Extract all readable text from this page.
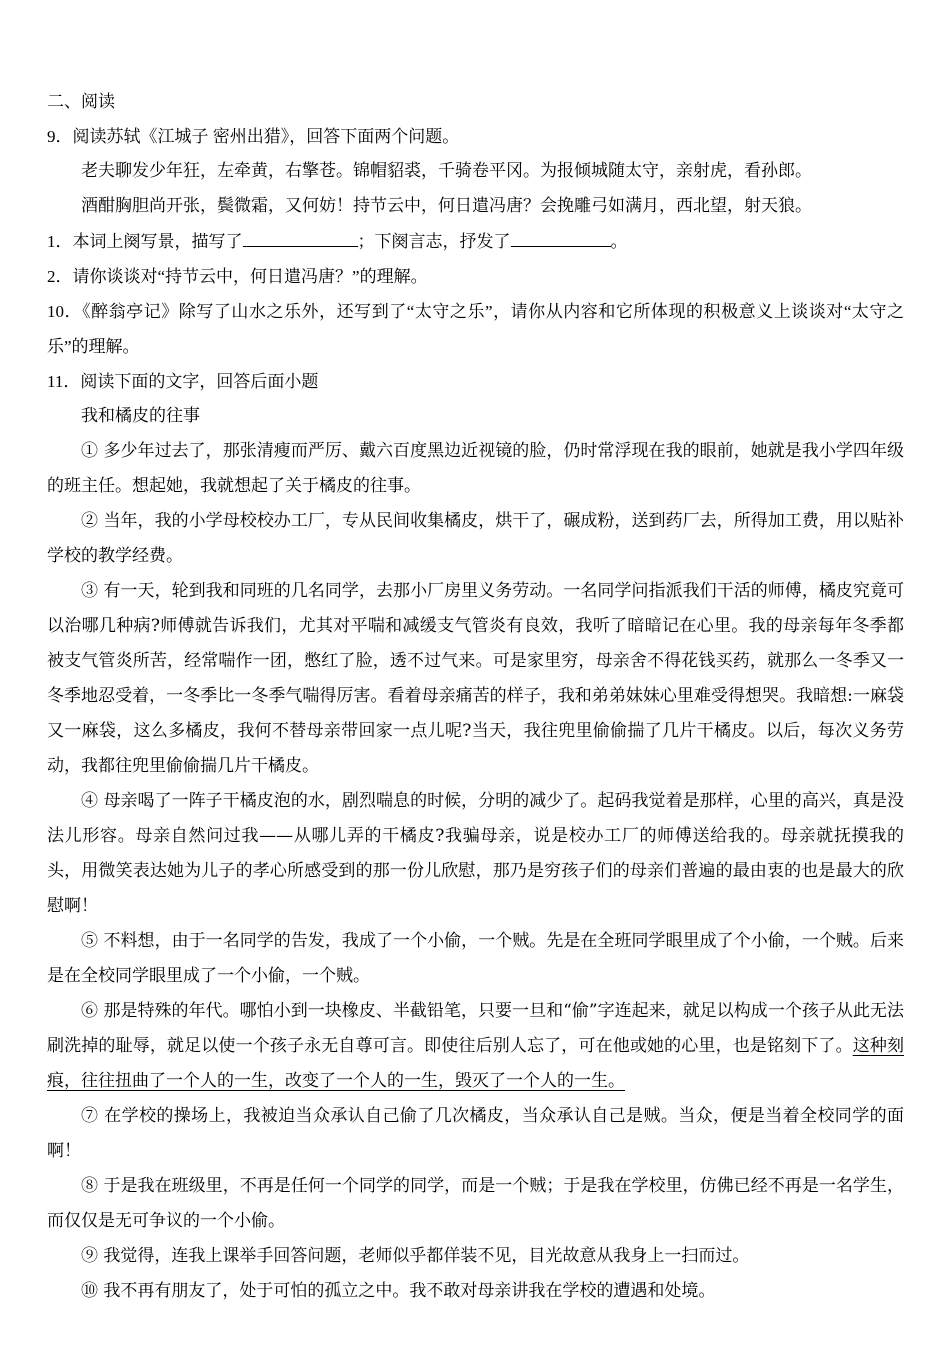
二、阅读

9．阅读苏轼《江城子 密州出猎》，回答下面两个问题。

老夫聊发少年狂，左牵黄，右擎苍。锦帽貂裘，千骑卷平冈。为报倾城随太守，亲射虎，看孙郎。

酒酣胸胆尚开张，鬓微霜，又何妨！持节云中，何日遣冯唐？会挽雕弓如满月，西北望，射天狼。

1．本词上阕写景，描写了	；下阕言志，抒发了	。

2．请你谈谈对“持节云中，何日遣冯唐？”的理解。

10．《醉翁亭记》除写了山水之乐外，还写到了“太守之乐”，请你从内容和它所体现的积极意义上谈谈对“太守之乐”的理解。

11．阅读下面的文字，回答后面小题

我和橘皮的往事

① 多少年过去了，那张清瘦而严厉、戴六百度黑边近视镜的脸，仍时常浮现在我的眼前，她就是我小学四年级的班主任。想起她，我就想起了关于橘皮的往事。

② 当年，我的小学母校校办工厂，专从民间收集橘皮，烘干了，碾成粉，送到药厂去，所得加工费，用以贴补学校的教学经费。

③ 有一天，轮到我和同班的几名同学，去那小厂房里义务劳动。一名同学问指派我们干活的师傅，橘皮究竟可以治哪几种病?师傅就告诉我们，尤其对平喘和减缓支气管炎有良效，我听了暗暗记在心里。我的母亲每年冬季都被支气管炎所苦，经常喘作一团，憋红了脸，透不过气来。可是家里穷，母亲舍不得花钱买药，就那么一冬季又一冬季地忍受着，一冬季比一冬季气喘得厉害。看着母亲痛苦的样子，我和弟弟妹妹心里难受得想哭。我暗想:一麻袋又一麻袋，这么多橘皮，我何不替母亲带回家一点儿呢?当天，我往兜里偷偷揣了几片干橘皮。以后，每次义务劳动，我都往兜里偷偷揣几片干橘皮。

④ 母亲喝了一阵子干橘皮泡的水，剧烈喘息的时候，分明的减少了。起码我觉着是那样，心里的高兴，真是没法儿形容。母亲自然问过我——从哪儿弄的干橘皮?我骗母亲，说是校办工厂的师傅送给我的。母亲就抚摸我的头，用微笑表达她为儿子的孝心所感受到的那一份儿欣慰，那乃是穷孩子们的母亲们普遍的最由衷的也是最大的欣慰啊！

⑤ 不料想，由于一名同学的告发，我成了一个小偷，一个贼。先是在全班同学眼里成了个小偷，一个贼。后来是在全校同学眼里成了一个小偷，一个贼。

⑥ 那是特殊的年代。哪怕小到一块橡皮、半截铅笔，只要一旦和“偷”字连起来，就足以构成一个孩子从此无法刷洗掉的耻辱，就足以使一个孩子永无自尊可言。即使往后别人忘了，可在他或她的心里，也是铭刻下了。这种刻痕，往往扭曲了一个人的一生，改变了一个人的一生，毁灭了一个人的一生。

⑦ 在学校的操场上，我被迫当众承认自己偷了几次橘皮，当众承认自己是贼。当众，便是当着全校同学的面啊！

⑧ 于是我在班级里，不再是任何一个同学的同学，而是一个贼；于是我在学校里，仿佛已经不再是一名学生，而仅仅是无可争议的一个小偷。

⑨ 我觉得，连我上课举手回答问题，老师似乎都佯装不见，目光故意从我身上一扫而过。

⑩ 我不再有朋友了，处于可怕的孤立之中。我不敢对母亲讲我在学校的遭遇和处境。
